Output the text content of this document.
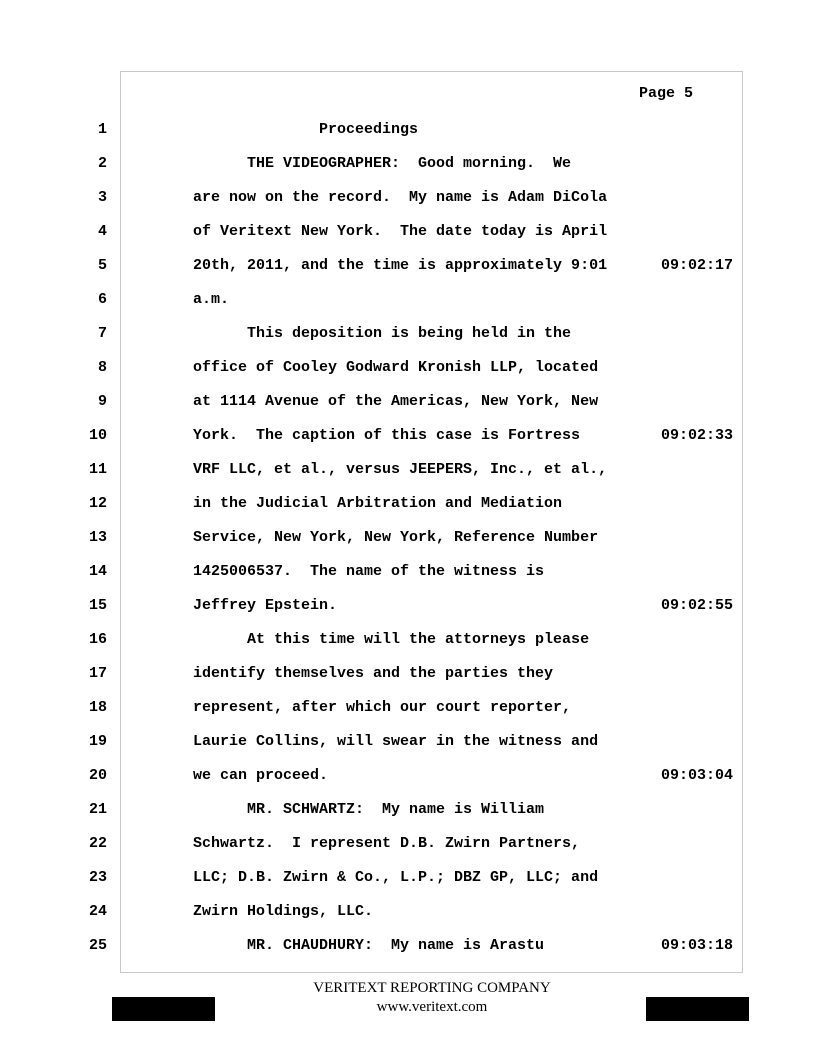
Page 5
1	Proceedings
2	THE VIDEOGRAPHER:  Good morning.  We
3	are now on the record.  My name is Adam DiCola
4	of Veritext New York.  The date today is April
5	20th, 2011, and the time is approximately 9:01	09:02:17
6	a.m.
7	This deposition is being held in the
8	office of Cooley Godward Kronish LLP, located
9	at 1114 Avenue of the Americas, New York, New
10	York.  The caption of this case is Fortress	09:02:33
11	VRF LLC, et al., versus JEEPERS, Inc., et al.,
12	in the Judicial Arbitration and Mediation
13	Service, New York, New York, Reference Number
14	1425006537.  The name of the witness is
15	Jeffrey Epstein.	09:02:55
16	At this time will the attorneys please
17	identify themselves and the parties they
18	represent, after which our court reporter,
19	Laurie Collins, will swear in the witness and
20	we can proceed.	09:03:04
21	MR. SCHWARTZ:  My name is William
22	Schwartz.  I represent D.B. Zwirn Partners,
23	LLC; D.B. Zwirn & Co., L.P.; DBZ GP, LLC; and
24	Zwirn Holdings, LLC.
25	MR. CHAUDHURY:  My name is Arastu	09:03:18
VERITEXT REPORTING COMPANY
www.veritext.com
